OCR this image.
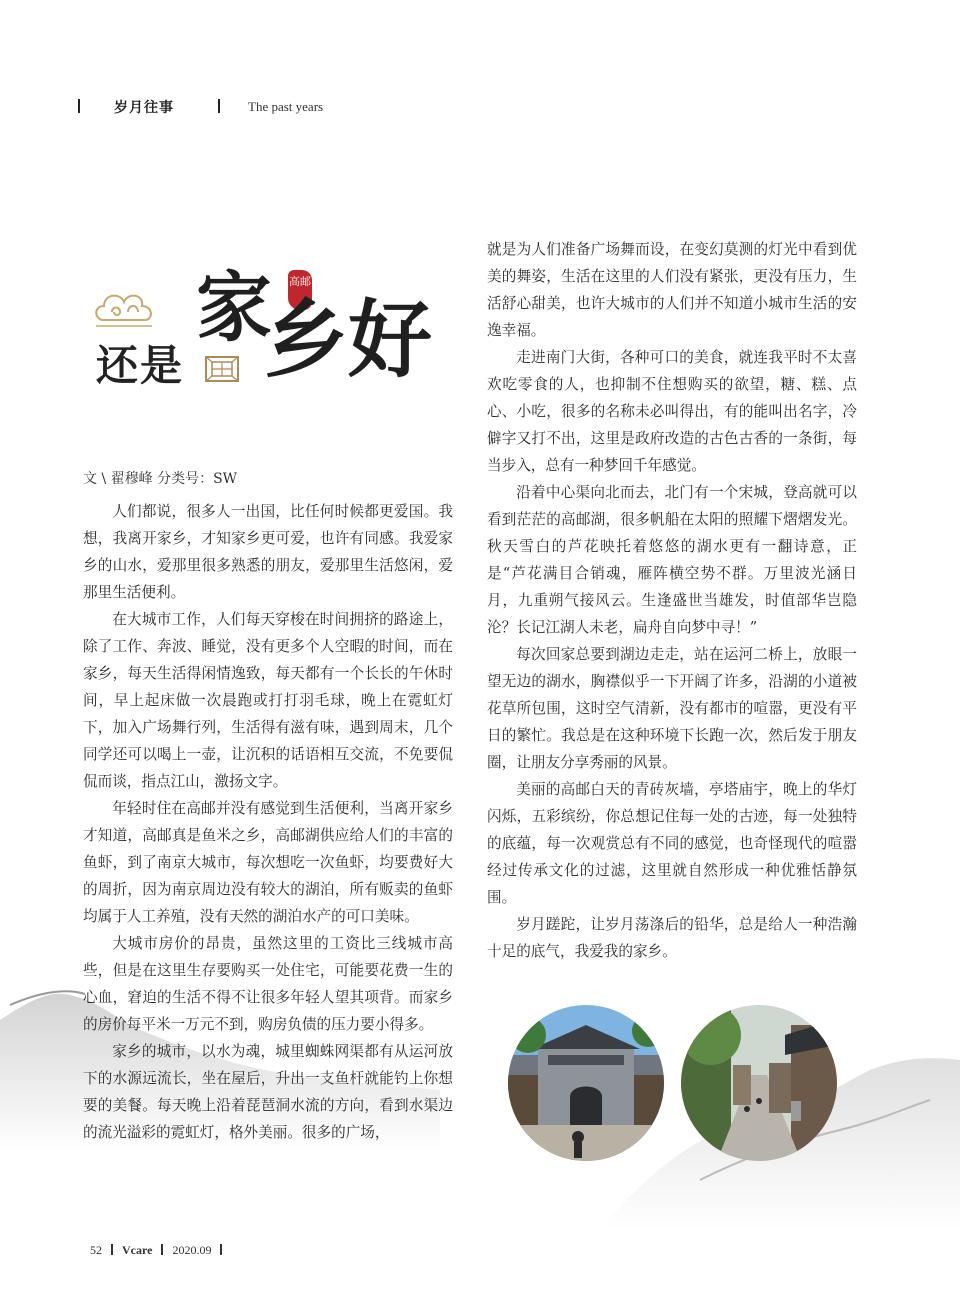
岁月往事	The past years
还是
家 高邮
乡好
文 \ 翟穆峰 分类号：SW

人们都说，很多人一出国，比任何时候都更爱国。我想，我离开家乡，才知家乡更可爱，也许有同感。我爱家乡的山水，爱那里很多熟悉的朋友，爱那里生活悠闲，爱那里生活便利。

在大城市工作，人们每天穿梭在时间拥挤的路途上，除了工作、奔波、睡觉，没有更多个人空暇的时间，而在家乡，每天生活得闲情逸致，每天都有一个长长的午休时间，早上起床做一次晨跑或打打羽毛球，晚上在霓虹灯下，加入广场舞行列，生活得有滋有味，遇到周末，几个同学还可以喝上一壶，让沉积的话语相互交流，不免要侃侃而谈，指点江山，激扬文字。

年轻时住在高邮并没有感觉到生活便利，当离开家乡才知道，高邮真是鱼米之乡，高邮湖供应给人们的丰富的鱼虾，到了南京大城市，每次想吃一次鱼虾，均要费好大的周折，因为南京周边没有较大的湖泊，所有贩卖的鱼虾均属于人工养殖，没有天然的湖泊水产的可口美味。

大城市房价的昂贵，虽然这里的工资比三线城市高些，但是在这里生存要购买一处住宅，可能要花费一生的心血，窘迫的生活不得不让很多年轻人望其项背。而家乡的房价每平米一万元不到，购房负债的压力要小得多。

家乡的城市，以水为魂，城里蜘蛛网渠都有从运河放下的水源远流长，坐在屋后，升出一支鱼杆就能钓上你想要的美餐。每天晚上沿着琵琶洞水流的方向，看到水渠边的流光溢彩的霓虹灯，格外美丽。很多的广场，

就是为人们准备广场舞而设，在变幻莫测的灯光中看到优美的舞姿，生活在这里的人们没有紧张，更没有压力，生活舒心甜美，也许大城市的人们并不知道小城市生活的安逸幸福。

走进南门大街，各种可口的美食，就连我平时不太喜欢吃零食的人，也抑制不住想购买的欲望，糖、糕、点心、小吃，很多的名称未必叫得出，有的能叫出名字，冷僻字又打不出，这里是政府改造的古色古香的一条街，每当步入，总有一种梦回千年感觉。

沿着中心渠向北而去，北门有一个宋城，登高就可以看到茫茫的高邮湖，很多帆船在太阳的照耀下熠熠发光。秋天雪白的芦花映托着悠悠的湖水更有一翻诗意，正是“芦花满目合销魂，雁阵横空势不群。万里波光涵日月，九重朔气接风云。生逢盛世当雄发，时值部华岂隐沦？长记江湖人未老，扁舟自向梦中寻！”

每次回家总要到湖边走走，站在运河二桥上，放眼一望无边的湖水，胸襟似乎一下开阔了许多，沿湖的小道被花草所包围，这时空气清新，没有都市的喧嚣，更没有平日的繁忙。我总是在这种环境下长跑一次，然后发于朋友圈，让朋友分享秀丽的风景。

美丽的高邮白天的青砖灰墙，亭塔庙宇，晚上的华灯闪烁，五彩缤纷，你总想记住每一处的古迹，每一处独特的底蕴，每一次观赏总有不同的感觉，也奇怪现代的喧嚣经过传承文化的过滤，这里就自然形成一种优雅恬静氛围。

岁月蹉跎，让岁月荡涤后的铅华，总是给人一种浩瀚十足的底气，我爱我的家乡。

52 Vcare 2020.09
